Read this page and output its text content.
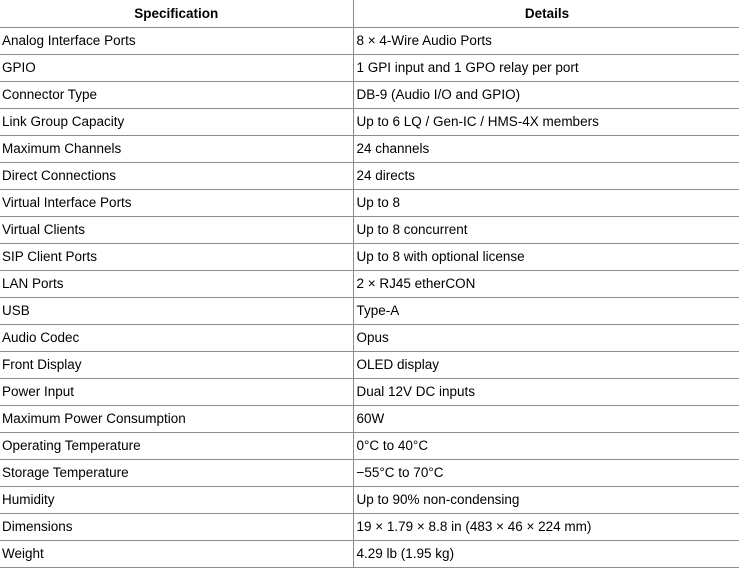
Specification	Details
Analog Interface Ports	8 × 4-Wire Audio Ports
GPIO	1 GPI input and 1 GPO relay per port
Connector Type	DB-9 (Audio I/O and GPIO)
Link Group Capacity	Up to 6 LQ / Gen-IC / HMS-4X members
Maximum Channels	24 channels
Direct Connections	24 directs
Virtual Interface Ports	Up to 8
Virtual Clients	Up to 8 concurrent
SIP Client Ports	Up to 8 with optional license
LAN Ports	2 × RJ45 etherCON
USB	Type-A
Audio Codec	Opus
Front Display	OLED display
Power Input	Dual 12V DC inputs
Maximum Power Consumption	60W
Operating Temperature	0°C to 40°C
Storage Temperature	−55°C to 70°C
Humidity	Up to 90% non-condensing
Dimensions	19 × 1.79 × 8.8 in (483 × 46 × 224 mm)
Weight	4.29 lb (1.95 kg)
